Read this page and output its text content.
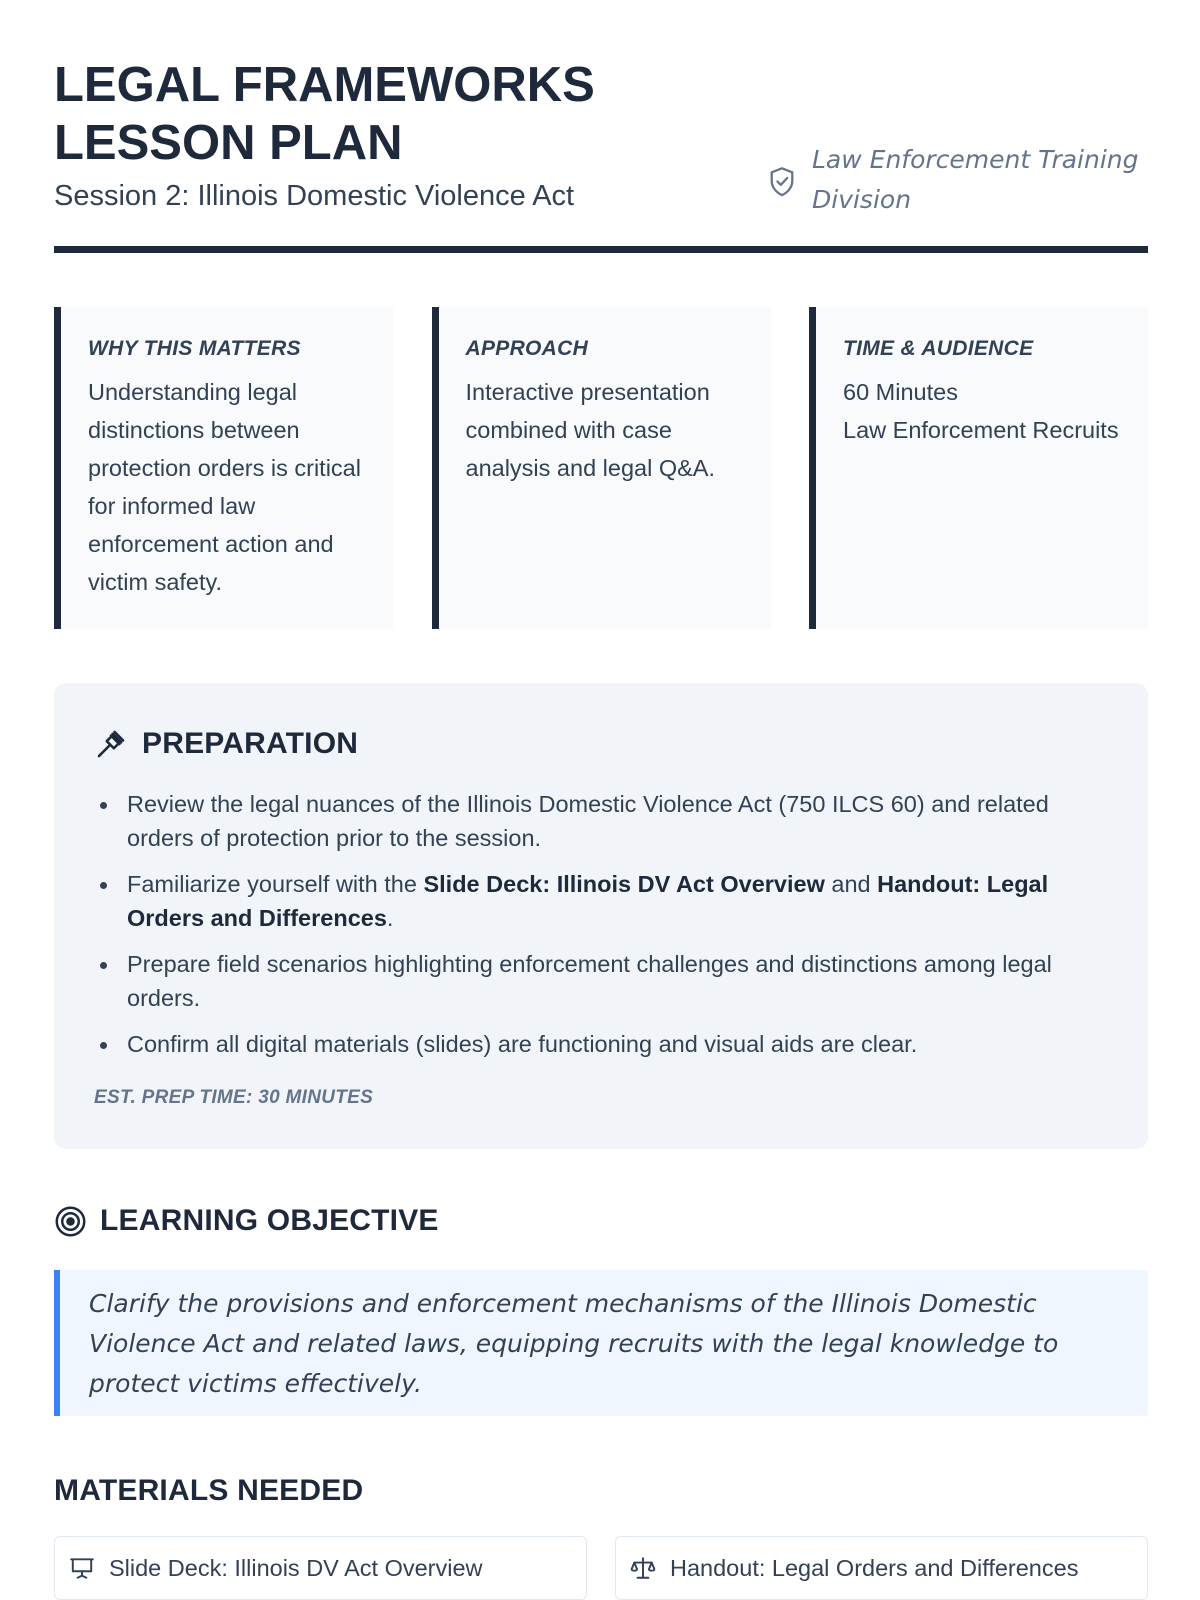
LEGAL FRAMEWORKS
LESSON PLAN
Session 2: Illinois Domestic Violence Act
Law Enforcement Training Division
WHY THIS MATTERS
Understanding legal distinctions between protection orders is critical for informed law enforcement action and victim safety.
APPROACH
Interactive presentation combined with case analysis and legal Q&A.
TIME & AUDIENCE
60 Minutes
Law Enforcement Recruits
PREPARATION
Review the legal nuances of the Illinois Domestic Violence Act (750 ILCS 60) and related orders of protection prior to the session.
Familiarize yourself with the Slide Deck: Illinois DV Act Overview and Handout: Legal Orders and Differences.
Prepare field scenarios highlighting enforcement challenges and distinctions among legal orders.
Confirm all digital materials (slides) are functioning and visual aids are clear.
EST. PREP TIME: 30 MINUTES
LEARNING OBJECTIVE
Clarify the provisions and enforcement mechanisms of the Illinois Domestic Violence Act and related laws, equipping recruits with the legal knowledge to protect victims effectively.
MATERIALS NEEDED
Slide Deck: Illinois DV Act Overview	Handout: Legal Orders and Differences
